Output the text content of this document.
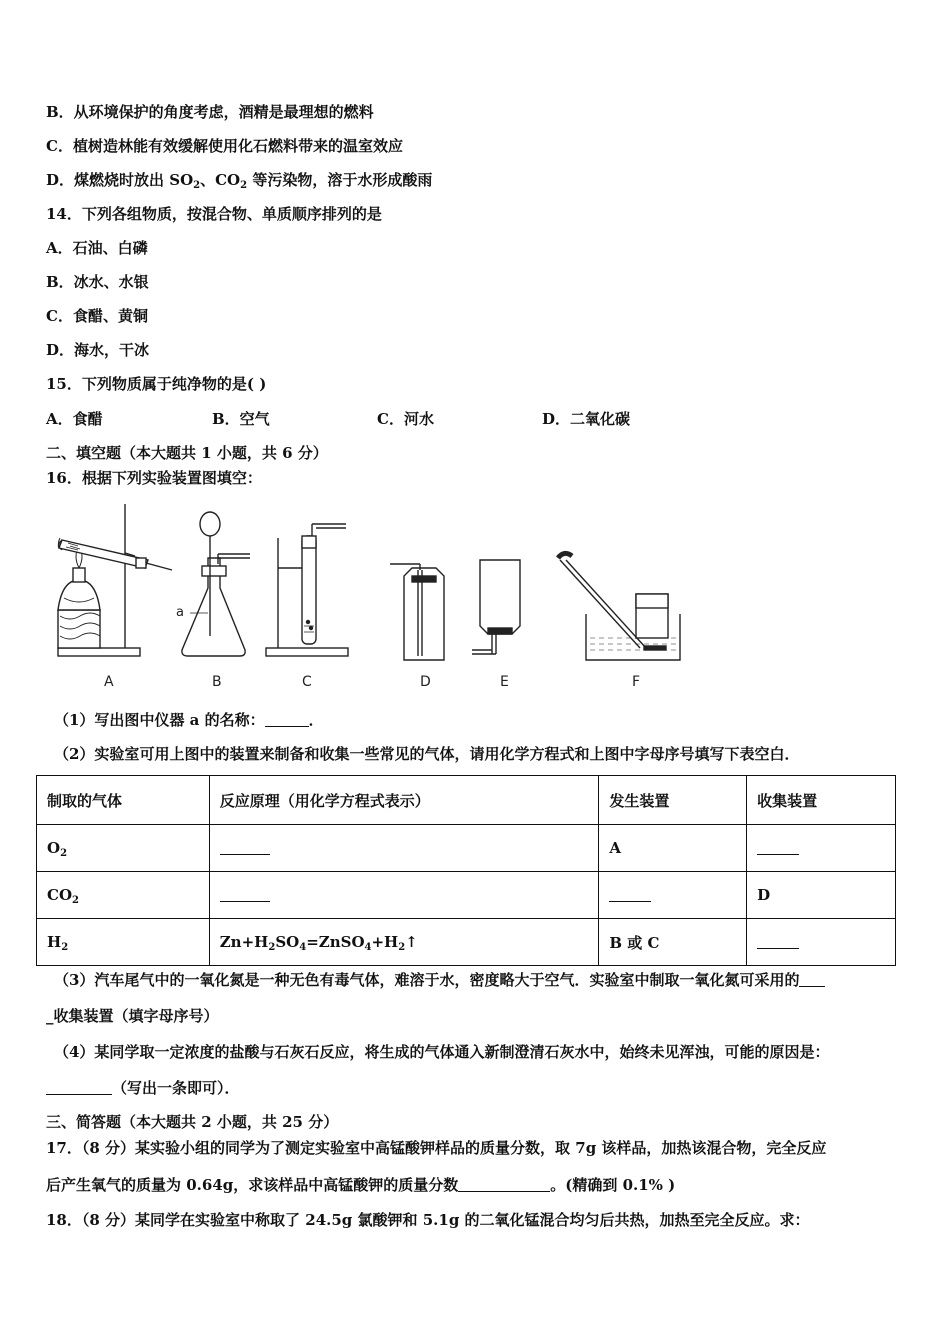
B．从环境保护的角度考虑，酒精是最理想的燃料
C．植树造林能有效缓解使用化石燃料带来的温室效应
D．煤燃烧时放出 $SO_2$、$CO_2$ 等污染物，溶于水形成酸雨
14．下列各组物质，按混合物、单质顺序排列的是
A．石油、白磷
B．冰水、水银
C．食醋、黄铜
D．海水，干冰
15．下列物质属于纯净物的是( )
A．食醋	B．空气	C．河水	D．二氧化碳
二、填空题（本大题共 1 小题，共 6 分）
16．根据下列实验装置图填空：
A	B	C	D	E	F
a
（1）写出图中仪器 a 的名称：	．
（2）实验室可用上图中的装置来制备和收集一些常见的气体，请用化学方程式和上图中字母序号填写下表空白．
制取的气体	反应原理（用化学方程式表示）	发生装置	收集装置
$O_2$		A	
$CO_2$			D
$H_2$	$Zn+H_2SO_4=ZnSO_4+H_2↑$	B 或 C	
（3）汽车尾气中的一氧化氮是一种无色有毒气体，难溶于水，密度略大于空气．实验室中制取一氧化氮可采用的
_收集装置（填字母序号）
（4）某同学取一定浓度的盐酸与石灰石反应，将生成的气体通入新制澄清石灰水中，始终未见浑浊，可能的原因是：
（写出一条即可）．
三、简答题（本大题共 2 小题，共 25 分）
17．（8 分）某实验小组的同学为了测定实验室中高锰酸钾样品的质量分数，取 7g 该样品，加热该混合物，完全反应
后产生氧气的质量为 0.64g，求该样品中高锰酸钾的质量分数	。(精确到 0.1% )
18．（8 分）某同学在实验室中称取了 24.5g 氯酸钾和 5.1g 的二氧化锰混合均匀后共热，加热至完全反应。求：
